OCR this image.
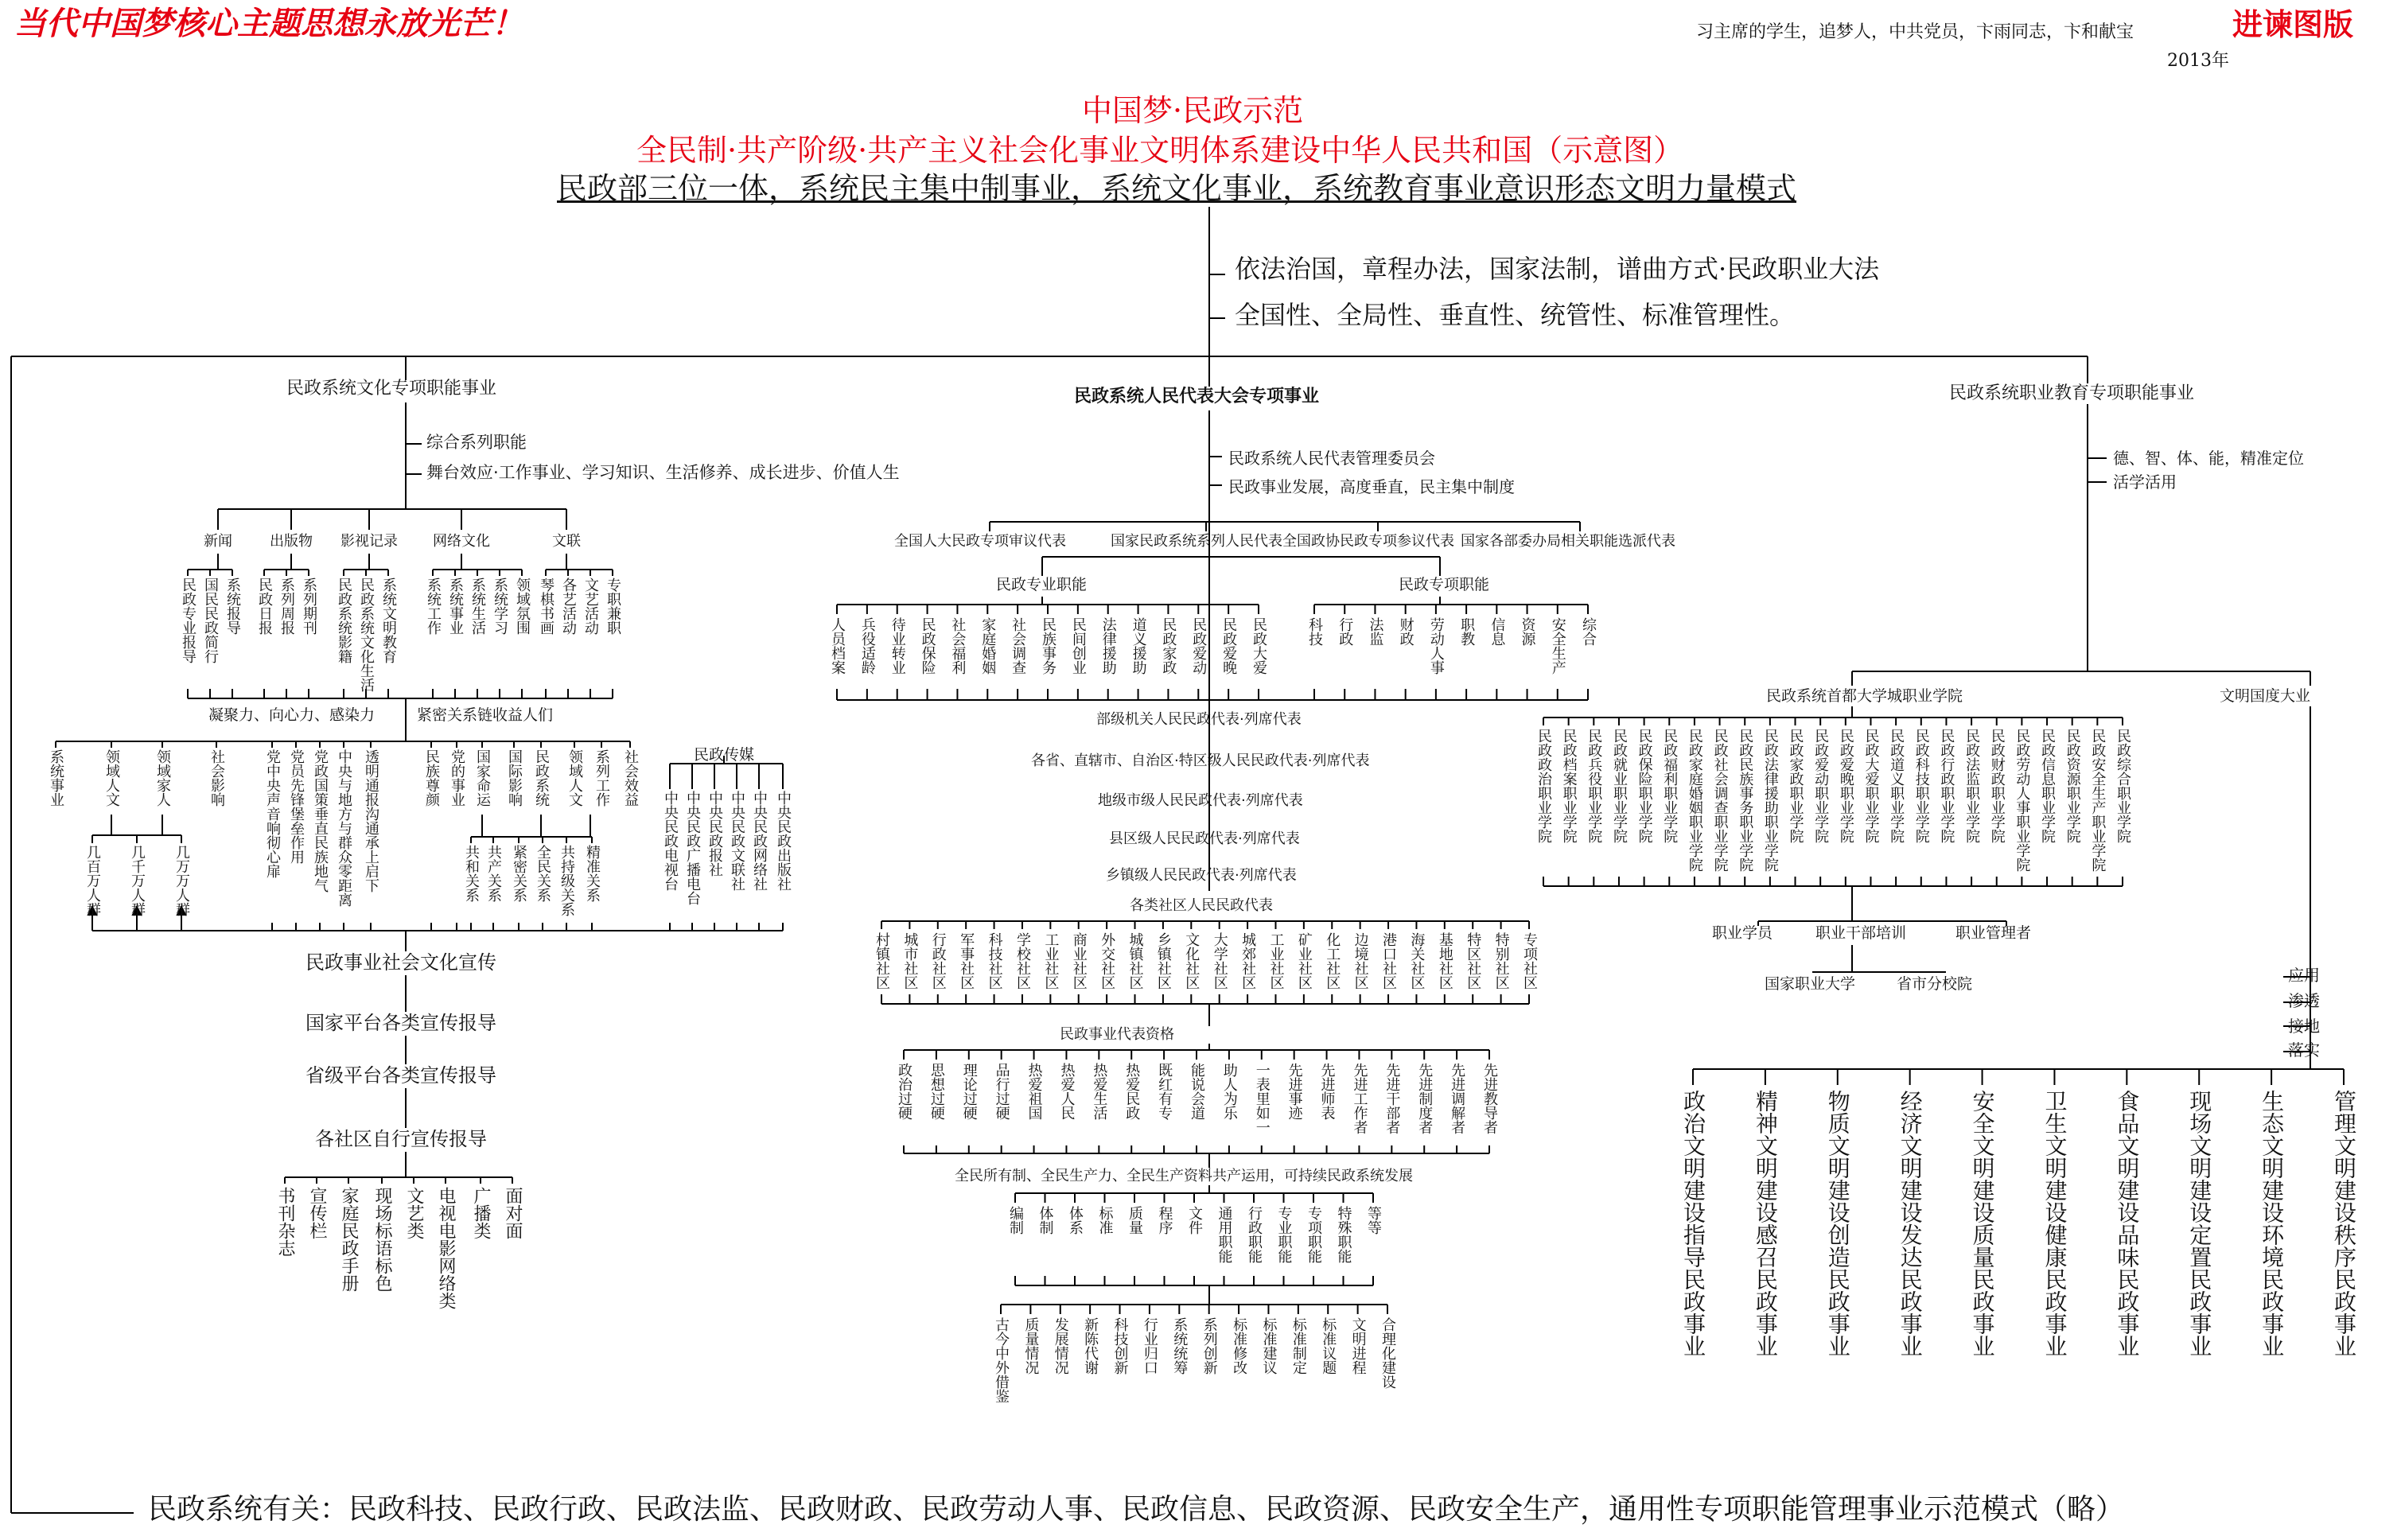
当代中国梦核心主题思想永放光芒！	习主席的学生，追梦人，中共党员，卞雨同志，卞和献宝	进谏图版
2013年
中国梦·民政示范
全民制·共产阶级·共产主义社会化事业文明体系建设中华人民共和国（示意图）
民政部三位一体，系统民主集中制事业，系统文化事业，系统教育事业意识形态文明力量模式
依法治国，章程办法，国家法制，谱曲方式·民政职业大法
全国性、全局性、垂直性、统管性、标准管理性。
民政系统文化专项职能事业
综合系列职能
舞台效应·工作事业、学习知识、生活修养、成长进步、价值人生
凝聚力、向心力、感染力	紧密关系链收益人们
民政传媒
民政事业社会文化宣传
国家平台各类宣传报导
省级平台各类宣传报导
各社区自行宣传报导
民政系统人民代表大会专项事业
民政系统人民代表管理委员会
民政事业发展，高度垂直，民主集中制度
民政专业职能	民政专项职能
部级机关人民民政代表·列席代表
各省、直辖市、自治区·特区级人民民政代表·列席代表
地级市级人民民政代表·列席代表
县区级人民民政代表·列席代表
乡镇级人民民政代表·列席代表
各类社区人民民政代表
民政事业代表资格
全民所有制、全民生产力、全民生产资料共产运用，可持续民政系统发展
民政系统职业教育专项职能事业
德、智、体、能，精准定位
活学活用
民政系统首都大学城职业学院	文明国度大业
职业学员	职业干部培训	职业管理者
国家职业大学	省市分校院	应用
渗透
接地
落实
民政系统有关：民政科技、民政行政、民政法监、民政财政、民政劳动人事、民政信息、民政资源、民政安全生产，通用性专项职能管理事业示范模式（略）
新闻	出版物 影视记录 网络文化	文联
民政专业报导 国民民政简行 系统报导 民政日报 系列周报 系列期刊 民政系统影籍 民政系统文化生活 系统文明教育 系统工作 系统事业 系统生活 系统学习 领域氛围 琴棋书画 各艺活动 文艺活动 专职兼职
系统事业	领域人文 领域家人	社会影响	党中央声音响彻心扉 党员先锋堡垒作用 党政国策垂直民族地气 中央与地方与群众零距离 透明通报沟通承上启下	民族尊颜 党的事业 国家命运 国际影响 民政系统 领域人文 系列工作 社会效益
中央民政电视台 中央民政广播电台 中央民政报社 中央民政文联社 中央民政网络社 中央民政出版社
几百万人群 几千万人群 几万万人群	共和关系 共产关系 紧密关系 全民关系 共持级关系 精准关系
书刊杂志 宣传栏 家庭民政手册 现场标语标色 文艺类 电视电影网络类 广播类 面对面
全国人大民政专项审议代表	国家民政系统系列人民代表 全国政协民政专项参议代表 国家各部委办局相关职能选派代表
人员档案 兵役适龄 待业转业 民政保险 社会福利 家庭婚姻 社会调查 民族事务 民间创业 法律援助 道义援助 民政家政 民政爱动 民政爱晚 民政大爱	科技 行政 法监 财政 劳动人事 职教 信息 资源 安全生产 综合
村镇社区 城市社区 行政社区 军事社区 科技社区 学校社区 工业社区 商业社区 外交社区 城镇社区 乡镇社区 文化社区 大学社区 城郊社区 工业社区 矿业社区 化工社区 边境社区 港口社区 海关社区 基地社区 特区社区 特别社区 专项社区
政治过硬 思想过硬 理论过硬 品行过硬 热爱祖国 热爱人民 热爱生活 热爱民政 既红有专 能说会道 助人为乐 一表里如一 先进事迹 先进师表 先进工作者 先进干部者 先进制度者 先进调解者 先进教导者
编制 体制 体系 标准 质量 程序 文件 通用职能 行政职能 专业职能 专项职能 特殊职能 等等
古今中外借鉴 质量情况 发展情况 新陈代谢 科技创新 行业归口 系统统筹 系列创新 标准修改 标准建议 标准制定 标准议题 文明进程 合理化建设
民政政治职业学院 民政档案职业学院 民政兵役职业学院 民政就业职业学院 民政保险职业学院 民政福利职业学院 民政家庭婚姻职业学院 民政社会调查职业学院 民政民族事务职业学院 民政法律援助职业学院 民政家政职业学院 民政爱动职业学院 民政爱晚职业学院 民政大爱职业学院 民政道义职业学院 民政科技职业学院 民政行政职业学院 民政法监职业学院 民政财政职业学院 民政劳动人事职业学院 民政信息职业学院 民政资源职业学院 民政安全生产职业学院 民政综合职业学院
政治文明建设指导民政事业 精神文明建设感召民政事业 物质文明建设创造民政事业 经济文明建设发达民政事业 安全文明建设质量民政事业 卫生文明建设健康民政事业 食品文明建设品味民政事业 现场文明建设定置民政事业 生态文明建设环境民政事业 管理文明建设秩序民政事业
